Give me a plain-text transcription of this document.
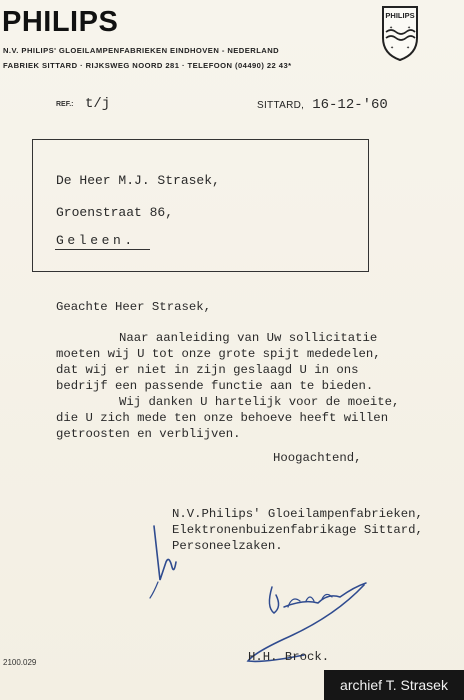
PHILIPS
N.V. PHILIPS' GLOEILAMPENFABRIEKEN EINDHOVEN - NEDERLAND
FABRIEK SITTARD · RIJKSWEG NOORD 281 · TELEFOON (04490) 22 43*
PHILIPS
✦ ✦
✦ ✦
REF.: t/j	SITTARD, 16-12-'60
De Heer M.J. Strasek,
Groenstraat 86,
Geleen.
Geachte Heer Strasek,
Naar aanleiding van Uw sollicitatie
moeten wij U tot onze grote spijt mededelen,
dat wij er niet in zijn geslaagd U in ons
bedrijf een passende functie aan te bieden.
Wij danken U hartelijk voor de moeite,
die U zich mede ten onze behoeve heeft willen
getroosten en verblijven.
Hoogachtend,
N.V.Philips' Gloeilampenfabrieken,
Elektronenbuizenfabrikage Sittard,
Personeelzaken.
H.H. Brock.
2100.029
archief T. Strasek
